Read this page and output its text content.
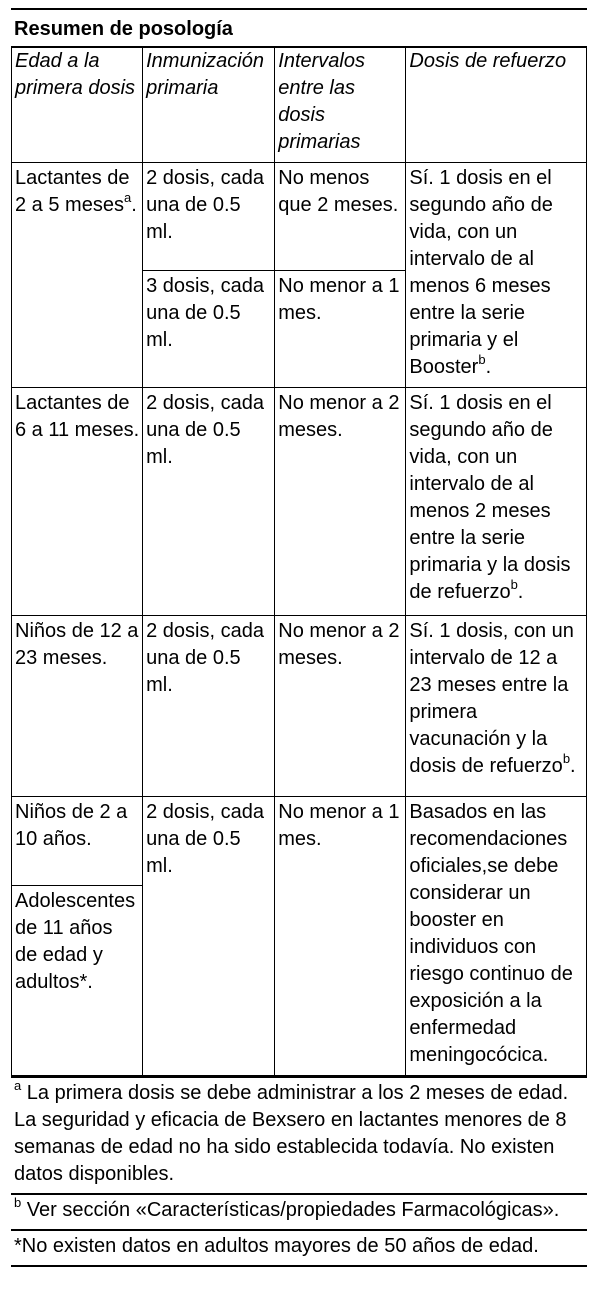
Resumen de posología
Edad a la primera dosis	Inmunización primaria	Intervalos entre las dosis primarias	Dosis de refuerzo
Lactantes de 2 a 5 meses$^a$.	2 dosis, cada una de 0.5 ml.	No menos que 2 meses.	Sí. 1 dosis en el segundo año de vida, con un intervalo de al menos 6 meses entre la serie primaria y el Booster$^b$.
	3 dosis, cada una de 0.5 ml.	No menor a 1 mes.	
Lactantes de 6 a 11 meses.	2 dosis, cada una de 0.5 ml.	No menor a 2 meses.	Sí. 1 dosis en el segundo año de vida, con un intervalo de al menos 2 meses entre la serie primaria y la dosis de refuerzo$^b$.
Niños de 12 a 23 meses.	2 dosis, cada una de 0.5 ml.	No menor a 2 meses.	Sí. 1 dosis, con un intervalo de 12 a 23 meses entre la primera vacunación y la dosis de refuerzo$^b$.
Niños de 2 a 10 años.	2 dosis, cada una de 0.5 ml.	No menor a 1 mes.	Basados en las recomendaciones oficiales,se debe considerar un booster en individuos con riesgo continuo de exposición a la enfermedad meningocócica.
Adolescentes de 11 años de edad y adultos*.			
$^a$ La primera dosis se debe administrar a los 2 meses de edad. La seguridad y eficacia de Bexsero en lactantes menores de 8 semanas de edad no ha sido establecida todavía. No existen datos disponibles.
$^b$ Ver sección «Características/propiedades Farmacológicas».
*No existen datos en adultos mayores de 50 años de edad.
